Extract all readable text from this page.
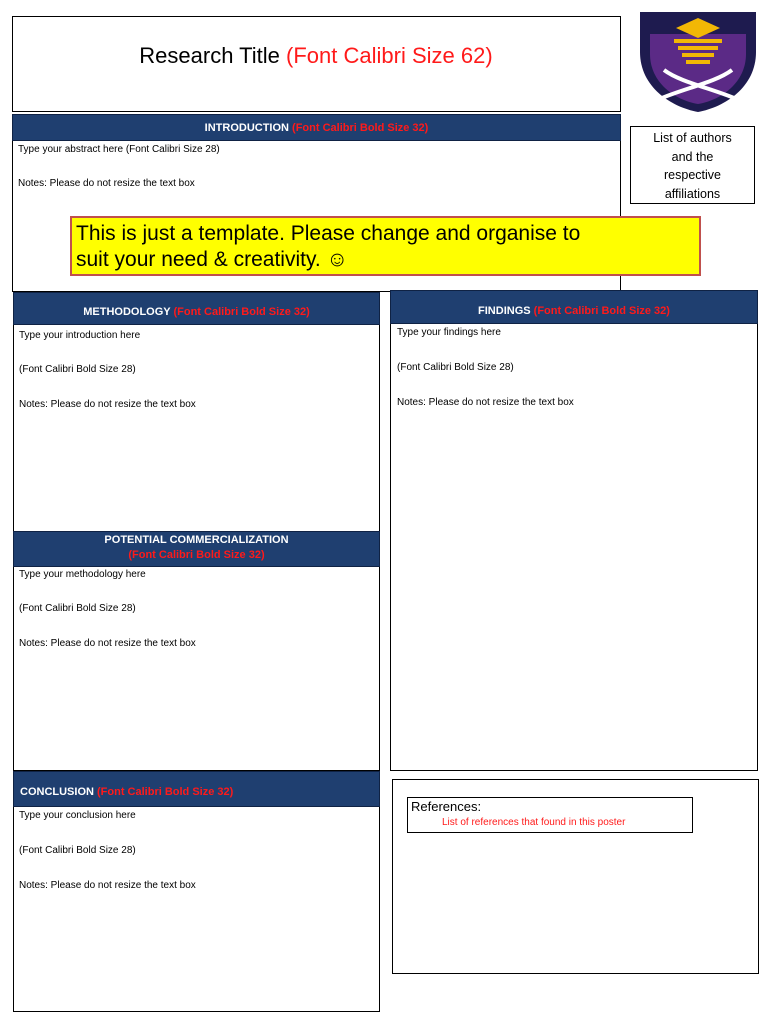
Research Title (Font Calibri Size 62)
List of authors
and the
respective
affiliations
INTRODUCTION (Font Calibri Bold Size 32)
Type your abstract here (Font Calibri Size 28)
Notes: Please do not resize the text box
METHODOLOGY (Font Calibri Bold Size 32)
Type your introduction here
(Font Calibri Bold Size 28)
Notes: Please do not resize the text box
This is just a template. Please change and organise to
suit your need & creativity. ☺
FINDINGS (Font Calibri Bold Size 32)
Type your findings here
(Font Calibri Bold Size 28)
Notes: Please do not resize the text box
POTENTIAL COMMERCIALIZATION
(Font Calibri Bold Size 32)
Type your methodology here
(Font Calibri Bold Size 28)
Notes: Please do not resize the text box
CONCLUSION (Font Calibri Bold Size 32)
Type your conclusion here
(Font Calibri Bold Size 28)
Notes: Please do not resize the text box
References:
List of references that found in this poster
